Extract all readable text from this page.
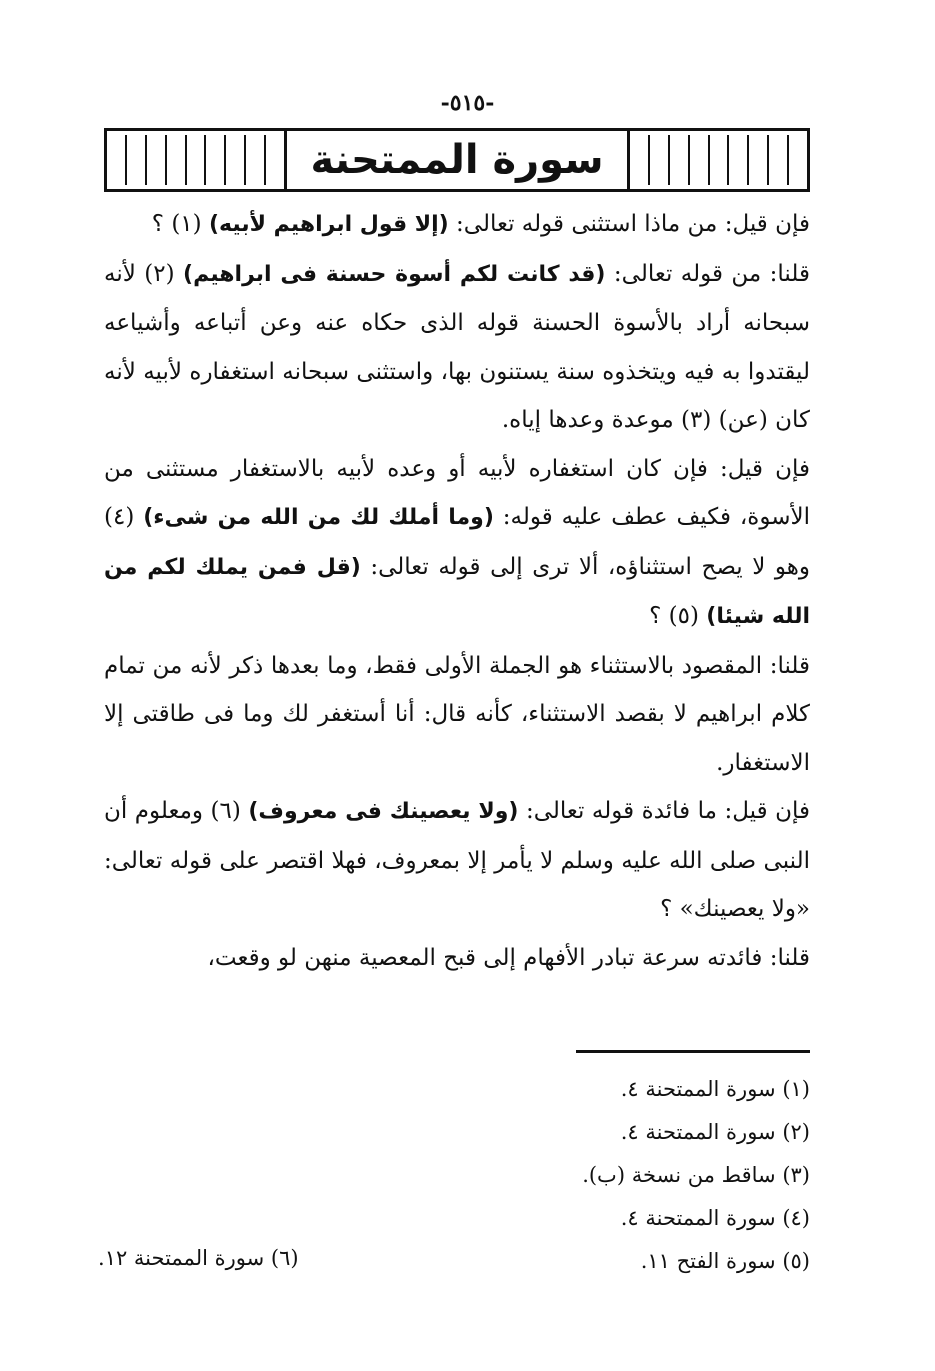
-٥١٥-
سورة الممتحنة

فإن قيل: من ماذا استثنى قوله تعالى: (إلا قول ابراهيم لأبيه) (١) ؟

قلنا: من قوله تعالى: (قد كانت لكم أسوة حسنة فى ابراهيم) (٢) لأنه سبحانه أراد بالأسوة الحسنة قوله الذى حكاه عنه وعن أتباعه وأشياعه ليقتدوا به فيه ويتخذوه سنة يستنون بها، واستثنى سبحانه استغفاره لأبيه لأنه كان (عن) (٣) موعدة وعدها إياه.

فإن قيل: فإن كان استغفاره لأبيه أو وعده لأبيه بالاستغفار مستثنى من الأسوة، فكيف عطف عليه قوله: (وما أملك لك من الله من شىء) (٤) وهو لا يصح استثناؤه، ألا ترى إلى قوله تعالى: (قل فمن يملك لكم من الله شيئا) (٥) ؟

قلنا: المقصود بالاستثناء هو الجملة الأولى فقط، وما بعدها ذكر لأنه من تمام كلام ابراهيم لا بقصد الاستثناء، كأنه قال: أنا أستغفر لك وما فى طاقتى إلا الاستغفار.

فإن قيل: ما فائدة قوله تعالى: (ولا يعصينك فى معروف) (٦) ومعلوم أن النبى صلى الله عليه وسلم لا يأمر إلا بمعروف، فهلا اقتصر على قوله تعالى: «ولا يعصينك» ؟

قلنا: فائدته سرعة تبادر الأفهام إلى قبح المعصية منهن لو وقعت،

(١) سورة الممتحنة ٤.
(٢) سورة الممتحنة ٤.
(٣) ساقط من نسخة (ب).
(٤) سورة الممتحنة ٤.
(٥) سورة الفتح ١١.
(٦) سورة الممتحنة ١٢.
